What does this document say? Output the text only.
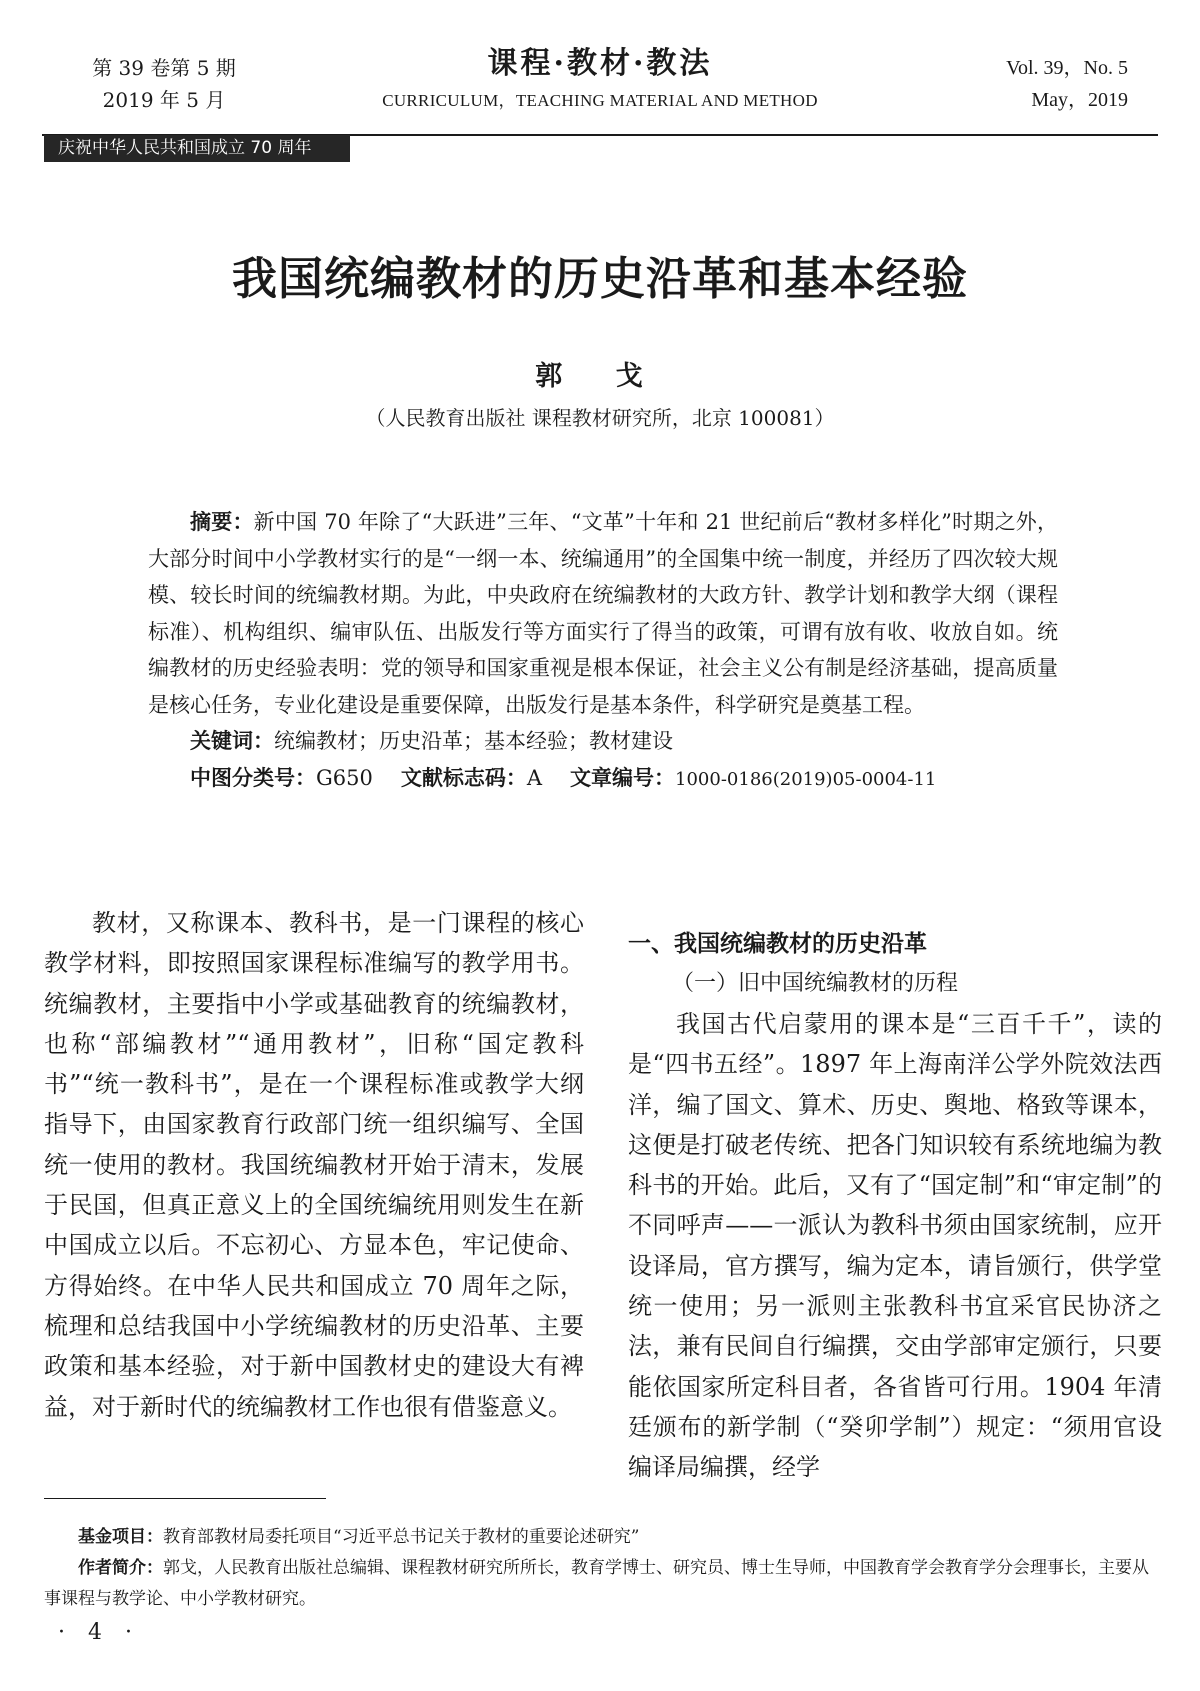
第 39 卷第 5 期
2019 年 5 月
课程·教材·教法
CURRICULUM，TEACHING MATERIAL AND METHOD
Vol. 39，No. 5
May，2019
庆祝中华人民共和国成立 70 周年
我国统编教材的历史沿革和基本经验
郭 戈
（人民教育出版社 课程教材研究所，北京 100081）

摘要：新中国 70 年除了“大跃进”三年、“文革”十年和 21 世纪前后“教材多样化”时期之外，大部分时间中小学教材实行的是“一纲一本、统编通用”的全国集中统一制度，并经历了四次较大规模、较长时间的统编教材期。为此，中央政府在统编教材的大政方针、教学计划和教学大纲（课程标准）、机构组织、编审队伍、出版发行等方面实行了得当的政策，可谓有放有收、收放自如。统编教材的历史经验表明：党的领导和国家重视是根本保证，社会主义公有制是经济基础，提高质量是核心任务，专业化建设是重要保障，出版发行是基本条件，科学研究是奠基工程。

关键词：统编教材；历史沿革；基本经验；教材建设

中图分类号：G650 文献标志码：A 文章编号：1000-0186(2019)05-0004-11

教材，又称课本、教科书，是一门课程的核心教学材料，即按照国家课程标准编写的教学用书。统编教材，主要指中小学或基础教育的统编教材，也称“部编教材”“通用教材”，旧称“国定教科书”“统一教科书”，是在一个课程标准或教学大纲指导下，由国家教育行政部门统一组织编写、全国统一使用的教材。我国统编教材开始于清末，发展于民国，但真正意义上的全国统编统用则发生在新中国成立以后。不忘初心、方显本色，牢记使命、方得始终。在中华人民共和国成立 70 周年之际，梳理和总结我国中小学统编教材的历史沿革、主要政策和基本经验，对于新中国教材史的建设大有裨益，对于新时代的统编教材工作也很有借鉴意义。

一、我国统编教材的历史沿革

（一）旧中国统编教材的历程

我国古代启蒙用的课本是“三百千千”，读的是“四书五经”。1897 年上海南洋公学外院效法西洋，编了国文、算术、历史、舆地、格致等课本，这便是打破老传统、把各门知识较有系统地编为教科书的开始。此后，又有了“国定制”和“审定制”的不同呼声——一派认为教科书须由国家统制，应开设译局，官方撰写，编为定本，请旨颁行，供学堂统一使用；另一派则主张教科书宜采官民协济之法，兼有民间自行编撰，交由学部审定颁行，只要能依国家所定科目者，各省皆可行用。1904 年清廷颁布的新学制（“癸卯学制”）规定：“须用官设编译局编撰，经学

基金项目：教育部教材局委托项目“习近平总书记关于教材的重要论述研究”

作者简介：郭戈，人民教育出版社总编辑、课程教材研究所所长，教育学博士、研究员、博士生导师，中国教育学会教育学分会理事长，主要从事课程与教学论、中小学教材研究。

· 4 ·
